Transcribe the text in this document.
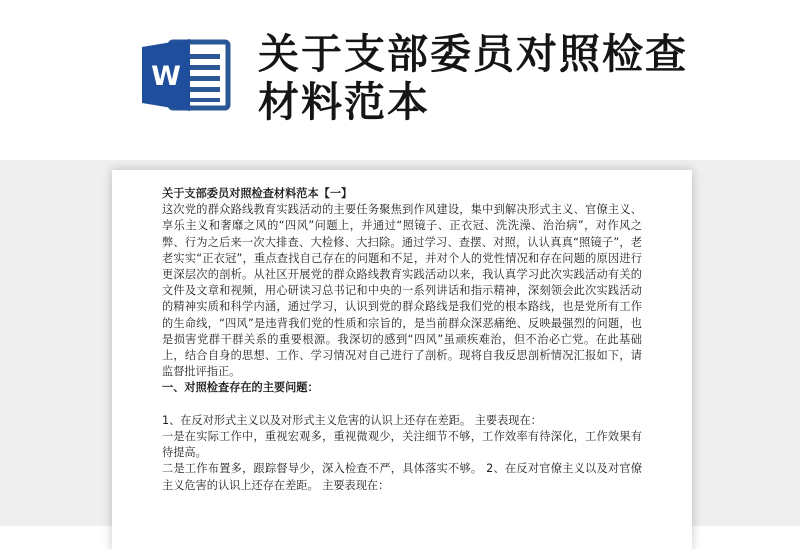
W 关于支部委员对照检查材料范本

关于支部委员对照检查材料范本【一】

这次党的群众路线教育实践活动的主要任务聚焦到作风建设，集中到解决形式主义、官僚主义、享乐主义和奢靡之风的“四风”问题上，并通过“照镜子、正衣冠、洗洗澡、治治病”，对作风之弊、行为之后来一次大排查、大检修、大扫除。通过学习、查摆、对照，认认真真“照镜子”，老老实实“正衣冠”，重点查找自己存在的问题和不足，并对个人的党性情况和存在问题的原因进行更深层次的剖析。从社区开展党的群众路线教育实践活动以来，我认真学习此次实践活动有关的文件及文章和视频，用心研读习总书记和中央的一系列讲话和指示精神，深刻领会此次实践活动的精神实质和科学内涵，通过学习，认识到党的群众路线是我们党的根本路线，也是党所有工作的生命线，“四风”是违背我们党的性质和宗旨的，是当前群众深恶痛绝、反映最强烈的问题，也是损害党群干群关系的重要根源。我深切的感到“四风”虽顽疾难治，但不治必亡党。在此基础上，结合自身的思想、工作、学习情况对自己进行了剖析。现将自我反思剖析情况汇报如下，请监督批评指正。

一、对照检查存在的主要问题：

1、在反对形式主义以及对形式主义危害的认识上还存在差距。 主要表现在：

一是在实际工作中，重视宏观多，重视微观少，关注细节不够，工作效率有待深化，工作效果有待提高。

二是工作布置多，跟踪督导少，深入检查不严，具体落实不够。 2、在反对官僚主义以及对官僚主义危害的认识上还存在差距。 主要表现在：
